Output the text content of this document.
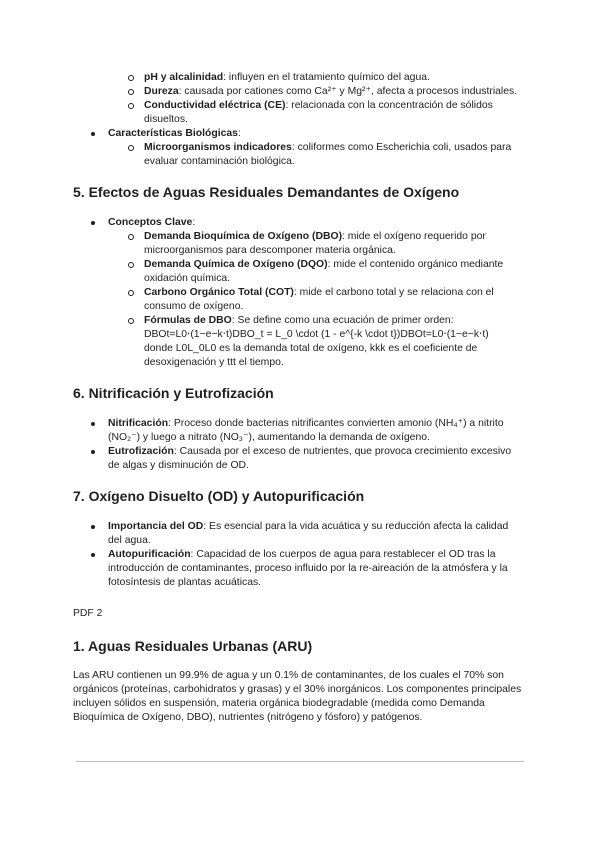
pH y alcalinidad: influyen en el tratamiento químico del agua.
Dureza: causada por cationes como Ca²⁺ y Mg²⁺, afecta a procesos industriales.
Conductividad eléctrica (CE): relacionada con la concentración de sólidos disueltos.
Características Biológicas:
Microorganismos indicadores: coliformes como Escherichia coli, usados para evaluar contaminación biológica.
5. Efectos de Aguas Residuales Demandantes de Oxígeno
Conceptos Clave:
Demanda Bioquímica de Oxígeno (DBO): mide el oxígeno requerido por microorganismos para descomponer materia orgánica.
Demanda Química de Oxígeno (DQO): mide el contenido orgánico mediante oxidación química.
Carbono Orgánico Total (COT): mide el carbono total y se relaciona con el consumo de oxígeno.
Fórmulas de DBO: Se define como una ecuación de primer orden: DBOt=L0⋅(1−e−k⋅t)DBO_t = L_0 \cdot (1 - e^{-k \cdot t})DBOt=L0⋅(1−e−k⋅t) donde L0L_0L0 es la demanda total de oxígeno, kkk es el coeficiente de desoxigenación y ttt el tiempo.
6. Nitrificación y Eutrofización
Nitrificación: Proceso donde bacterias nitrificantes convierten amonio (NH₄⁺) a nitrito (NO₂⁻) y luego a nitrato (NO₃⁻), aumentando la demanda de oxígeno.
Eutrofización: Causada por el exceso de nutrientes, que provoca crecimiento excesivo de algas y disminución de OD.
7. Oxígeno Disuelto (OD) y Autopurificación
Importancia del OD: Es esencial para la vida acuática y su reducción afecta la calidad del agua.
Autopurificación: Capacidad de los cuerpos de agua para restablecer el OD tras la introducción de contaminantes, proceso influido por la re-aireación de la atmósfera y la fotosíntesis de plantas acuáticas.
PDF 2
1. Aguas Residuales Urbanas (ARU)
Las ARU contienen un 99.9% de agua y un 0.1% de contaminantes, de los cuales el 70% son orgánicos (proteínas, carbohidratos y grasas) y el 30% inorgánicos. Los componentes principales incluyen sólidos en suspensión, materia orgánica biodegradable (medida como Demanda Bioquímica de Oxígeno, DBO), nutrientes (nitrógeno y fósforo) y patógenos.
